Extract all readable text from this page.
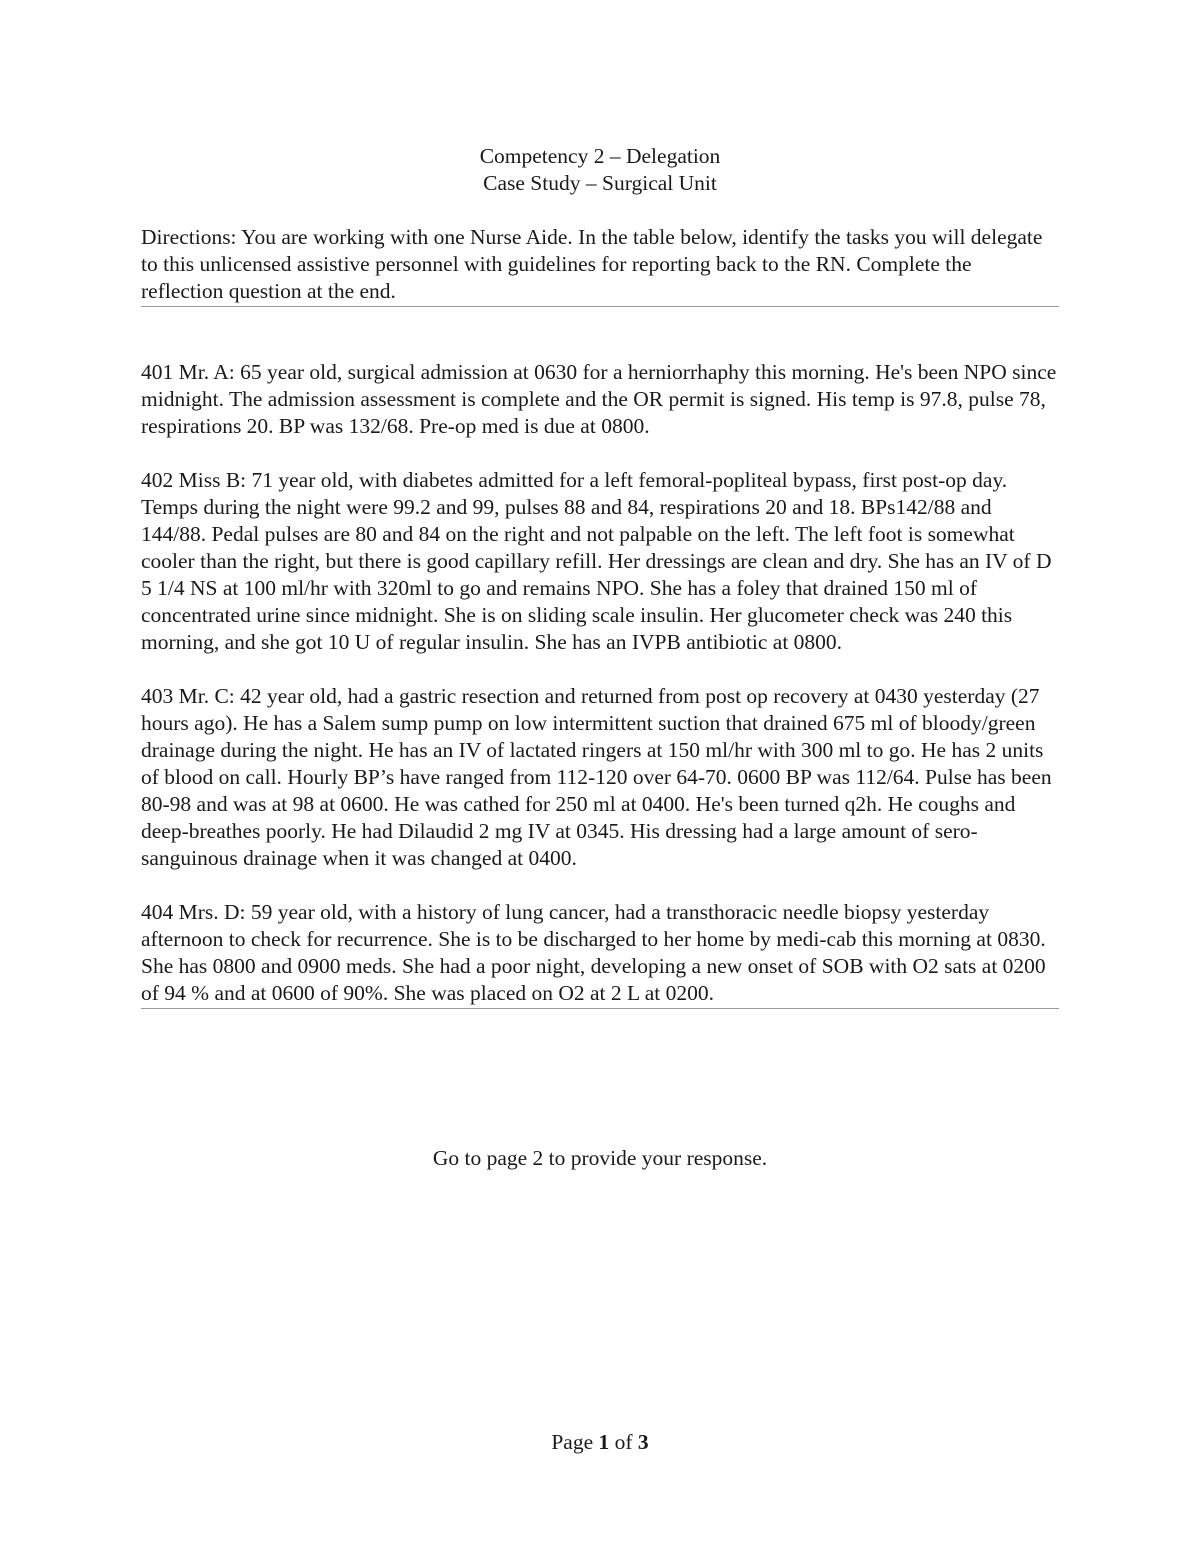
Competency 2 – Delegation
Case Study – Surgical Unit

Directions: You are working with one Nurse Aide. In the table below, identify the tasks you will delegate to this unlicensed assistive personnel with guidelines for reporting back to the RN. Complete the reflection question at the end.

401 Mr. A: 65 year old, surgical admission at 0630 for a herniorrhaphy this morning. He's been NPO since midnight. The admission assessment is complete and the OR permit is signed. His temp is 97.8, pulse 78, respirations 20. BP was 132/68. Pre-op med is due at 0800.

402 Miss B: 71 year old, with diabetes admitted for a left femoral-popliteal bypass, first post-op day. Temps during the night were 99.2 and 99, pulses 88 and 84, respirations 20 and 18. BPs142/88 and 144/88. Pedal pulses are 80 and 84 on the right and not palpable on the left. The left foot is somewhat cooler than the right, but there is good capillary refill. Her dressings are clean and dry. She has an IV of D 5 1/4 NS at 100 ml/hr with 320ml to go and remains NPO. She has a foley that drained 150 ml of concentrated urine since midnight. She is on sliding scale insulin. Her glucometer check was 240 this morning, and she got 10 U of regular insulin. She has an IVPB antibiotic at 0800.

403 Mr. C: 42 year old, had a gastric resection and returned from post op recovery at 0430 yesterday (27 hours ago). He has a Salem sump pump on low intermittent suction that drained 675 ml of bloody/green drainage during the night. He has an IV of lactated ringers at 150 ml/hr with 300 ml to go. He has 2 units of blood on call. Hourly BP’s have ranged from 112-120 over 64-70. 0600 BP was 112/64. Pulse has been 80-98 and was at 98 at 0600. He was cathed for 250 ml at 0400. He's been turned q2h. He coughs and deep-breathes poorly. He had Dilaudid 2 mg IV at 0345. His dressing had a large amount of sero-sanguinous drainage when it was changed at 0400.

404 Mrs. D: 59 year old, with a history of lung cancer, had a transthoracic needle biopsy yesterday afternoon to check for recurrence. She is to be discharged to her home by medi-cab this morning at 0830. She has 0800 and 0900 meds. She had a poor night, developing a new onset of SOB with O2 sats at 0200 of 94 % and at 0600 of 90%. She was placed on O2 at 2 L at 0200.

Go to page 2 to provide your response.

Page 1 of 3
